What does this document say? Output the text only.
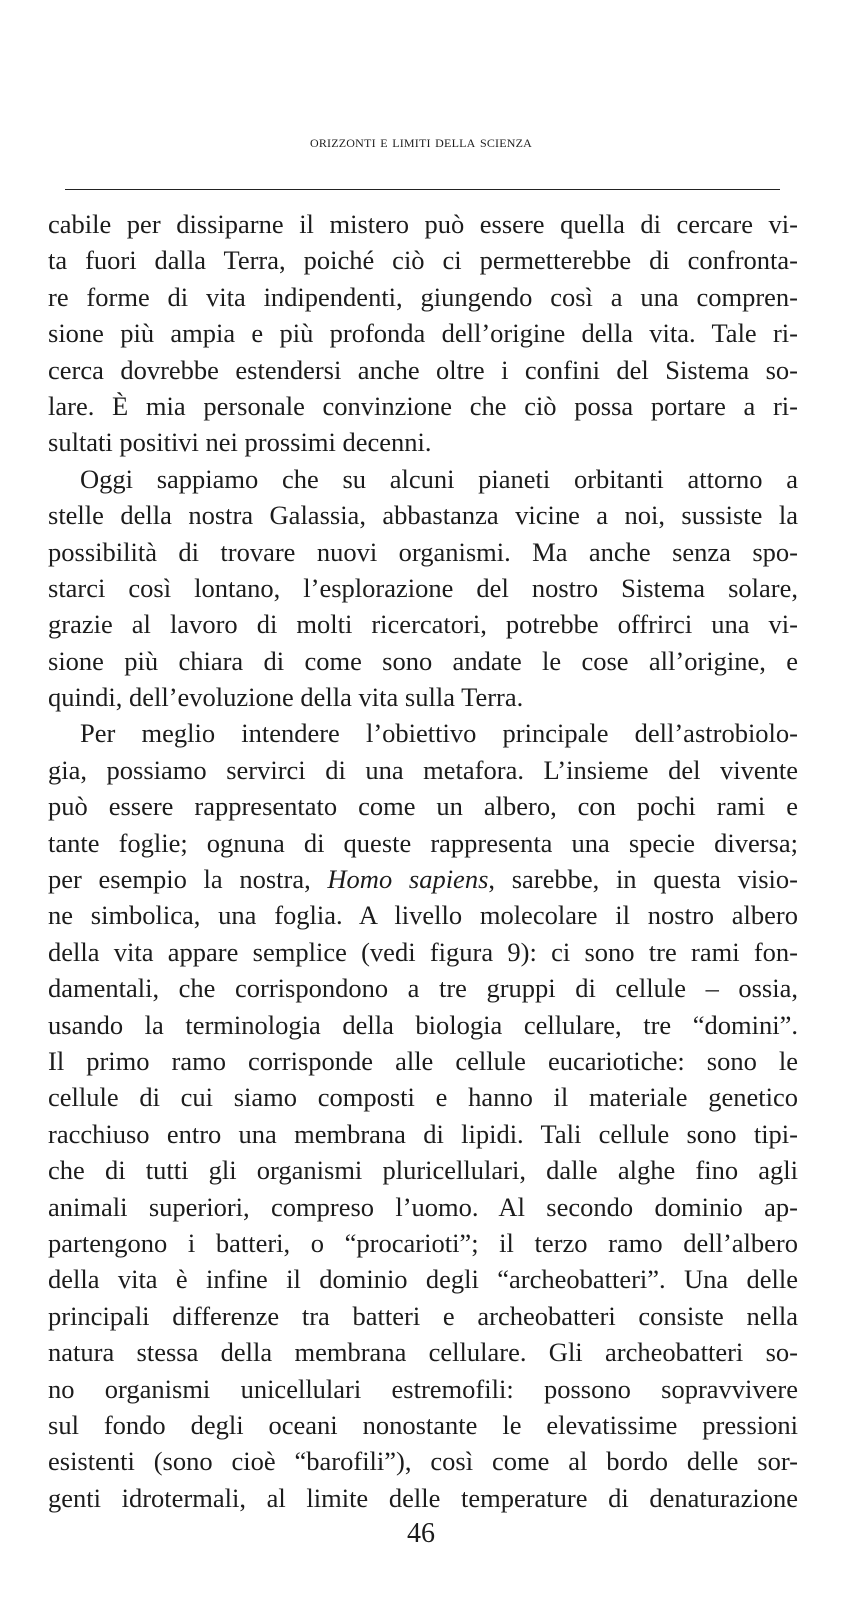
orizzonti e limiti della scienza
cabile per dissiparne il mistero può essere quella di cercare vi-
ta fuori dalla Terra, poiché ciò ci permetterebbe di confronta-
re forme di vita indipendenti, giungendo così a una compren-
sione più ampia e più profonda dell’origine della vita. Tale ri-
cerca dovrebbe estendersi anche oltre i confini del Sistema so-
lare. È mia personale convinzione che ciò possa portare a ri-
sultati positivi nei prossimi decenni.
Oggi sappiamo che su alcuni pianeti orbitanti attorno a
stelle della nostra Galassia, abbastanza vicine a noi, sussiste la
possibilità di trovare nuovi organismi. Ma anche senza spo-
starci così lontano, l’esplorazione del nostro Sistema solare,
grazie al lavoro di molti ricercatori, potrebbe offrirci una vi-
sione più chiara di come sono andate le cose all’origine, e
quindi, dell’evoluzione della vita sulla Terra.
Per meglio intendere l’obiettivo principale dell’astrobiolo-
gia, possiamo servirci di una metafora. L’insieme del vivente
può essere rappresentato come un albero, con pochi rami e
tante foglie; ognuna di queste rappresenta una specie diversa;
per esempio la nostra, Homo sapiens, sarebbe, in questa visio-
ne simbolica, una foglia. A livello molecolare il nostro albero
della vita appare semplice (vedi figura 9): ci sono tre rami fon-
damentali, che corrispondono a tre gruppi di cellule – ossia,
usando la terminologia della biologia cellulare, tre “domini”.
Il primo ramo corrisponde alle cellule eucariotiche: sono le
cellule di cui siamo composti e hanno il materiale genetico
racchiuso entro una membrana di lipidi. Tali cellule sono tipi-
che di tutti gli organismi pluricellulari, dalle alghe fino agli
animali superiori, compreso l’uomo. Al secondo dominio ap-
partengono i batteri, o “procarioti”; il terzo ramo dell’albero
della vita è infine il dominio degli “archeobatteri”. Una delle
principali differenze tra batteri e archeobatteri consiste nella
natura stessa della membrana cellulare. Gli archeobatteri so-
no organismi unicellulari estremofili: possono sopravvivere
sul fondo degli oceani nonostante le elevatissime pressioni
esistenti (sono cioè “barofili”), così come al bordo delle sor-
genti idrotermali, al limite delle temperature di denaturazione
46
